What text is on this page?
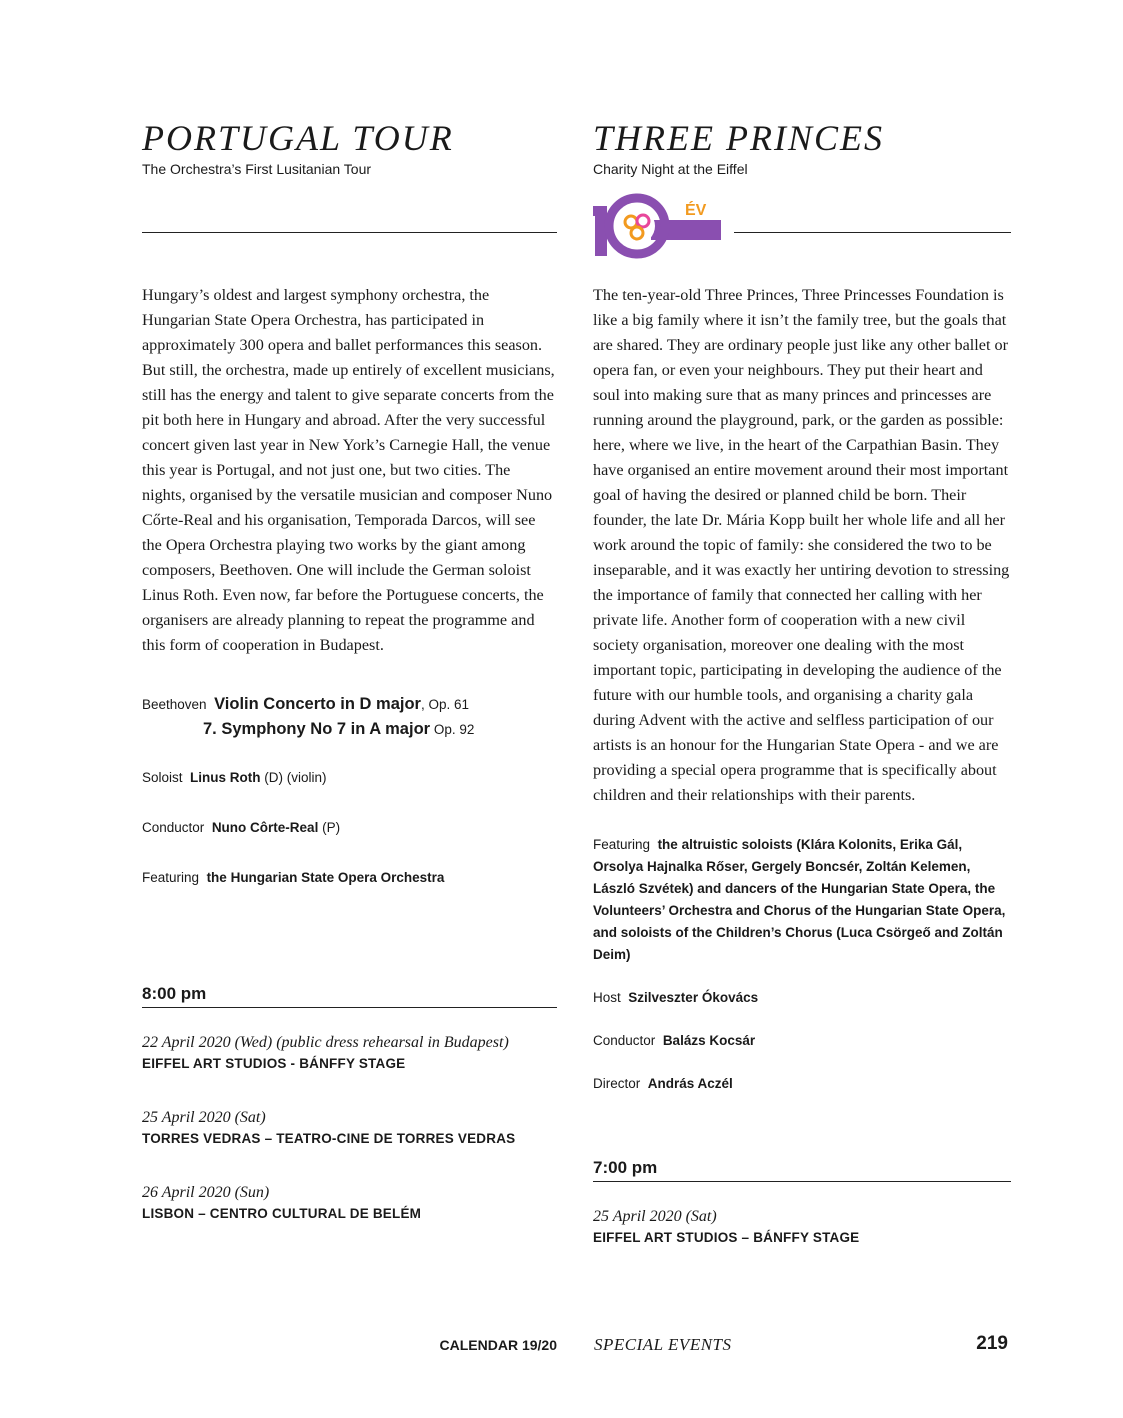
PORTUGAL TOUR

The Orchestra’s First Lusitanian Tour

Hungary’s oldest and largest symphony orchestra, the Hungarian State Opera Orchestra, has participated in approximately 300 opera and ballet performances this season. But still, the orchestra, made up entirely of excellent musicians, still has the energy and talent to give separate concerts from the pit both here in Hungary and abroad. After the very successful concert given last year in New York’s Carnegie Hall, the venue this year is Portugal, and not just one, but two cities. The nights, organised by the versatile musician and composer Nuno Cőrte-Real and his organisation, Temporada Darcos, will see the Opera Orchestra playing two works by the giant among composers, Beethoven. One will include the German soloist Linus Roth. Even now, far before the Portuguese concerts, the organisers are already planning to repeat the programme and this form of cooperation in Budapest.

Beethoven Violin Concerto in D major, Op. 61

7. Symphony No 7 in A major Op. 92

Soloist Linus Roth (D) (violin)

Conductor Nuno Côrte-Real (P)

Featuring the Hungarian State Opera Orchestra

8:00 pm

22 April 2020 (Wed) (public dress rehearsal in Budapest)

EIFFEL ART STUDIOS - BÁNFFY STAGE

25 April 2020 (Sat)

TORRES VEDRAS – TEATRO-CINE DE TORRES VEDRAS

26 April 2020 (Sun)

LISBON – CENTRO CULTURAL DE BELÉM

ÉV
THREE PRINCES

Charity Night at the Eiffel

The ten-year-old Three Princes, Three Princesses Foundation is like a big family where it isn’t the family tree, but the goals that are shared. They are ordinary people just like any other ballet or opera fan, or even your neighbours. They put their heart and soul into making sure that as many princes and princesses are running around the playground, park, or the garden as possible: here, where we live, in the heart of the Carpathian Basin. They have organised an entire movement around their most important goal of having the desired or planned child be born. Their founder, the late Dr. Mária Kopp built her whole life and all her work around the topic of family: she considered the two to be inseparable, and it was exactly her untiring devotion to stressing the importance of family that connected her calling with her private life. Another form of cooperation with a new civil society organisation, moreover one dealing with the most important topic, participating in developing the audience of the future with our humble tools, and organising a charity gala during Advent with the active and selfless participation of our artists is an honour for the Hungarian State Opera - and we are providing a special opera programme that is specifically about children and their relationships with their parents.

Featuring the altruistic soloists (Klára Kolonits, Erika Gál, Orsolya Hajnalka Rőser, Gergely Boncsér, Zoltán Kelemen, László Szvétek) and dancers of the Hungarian State Opera, the Volunteers’ Orchestra and Chorus of the Hungarian State Opera, and soloists of the Children’s Chorus (Luca Csörgeő and Zoltán Deim)

Host Szilveszter Ókovács

Conductor Balázs Kocsár

Director András Aczél

7:00 pm

25 April 2020 (Sat)

EIFFEL ART STUDIOS – BÁNFFY STAGE

CALENDAR 19/20 SPECIAL EVENTS	219
